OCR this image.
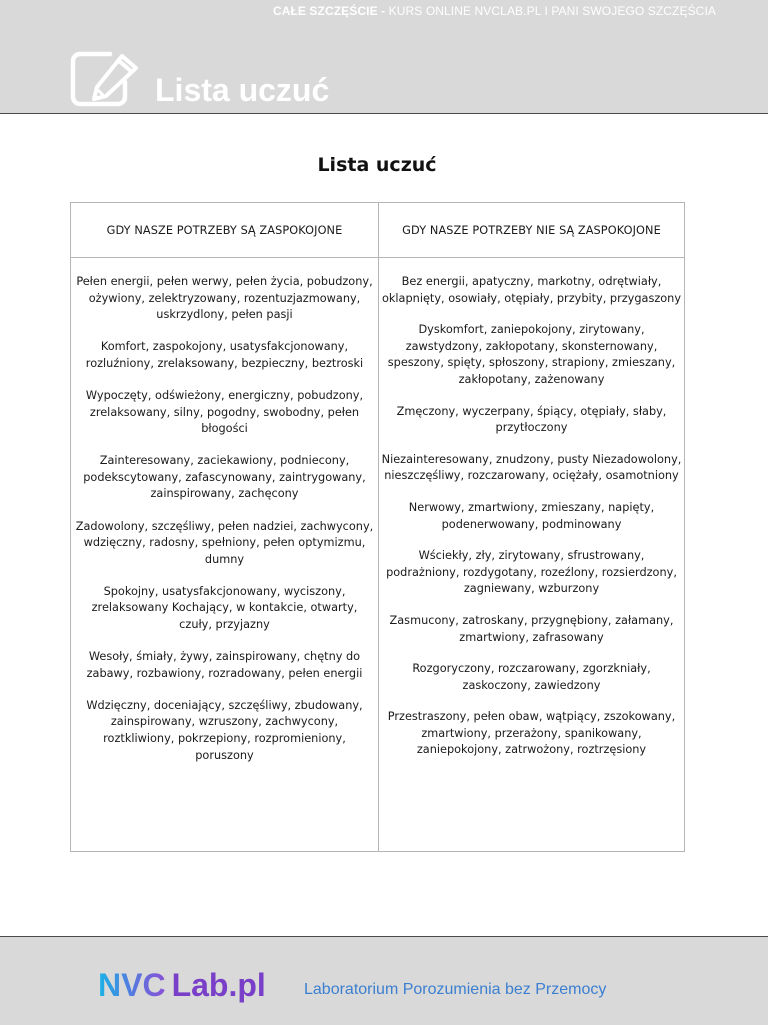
CAŁE SZCZĘŚCIE - KURS ONLINE NVCLAB.PL I PANI SWOJEGO SZCZĘŚCIA
Lista uczuć
Lista uczuć
GDY NASZE POTRZEBY SĄ ZASPOKOJONE	GDY NASZE POTRZEBY NIE SĄ ZASPOKOJONE

Pełen energii, pełen werwy, pełen życia, pobudzony, ożywiony, zelektryzowany, rozentuzjazmowany, uskrzydlony, pełen pasji

Komfort, zaspokojony, usatysfakcjonowany, rozluźniony, zrelaksowany, bezpieczny, beztroski

Wypoczęty, odświeżony, energiczny, pobudzony, zrelaksowany, silny, pogodny, swobodny, pełen błogości

Zainteresowany, zaciekawiony, podniecony, podekscytowany, zafascynowany, zaintrygowany, zainspirowany, zachęcony

Zadowolony, szczęśliwy, pełen nadziei, zachwycony, wdzięczny, radosny, spełniony, pełen optymizmu, dumny

Spokojny, usatysfakcjonowany, wyciszony, zrelaksowany Kochający, w kontakcie, otwarty, czuły, przyjazny

Wesoły, śmiały, żywy, zainspirowany, chętny do zabawy, rozbawiony, rozradowany, pełen energii

Wdzięczny, doceniający, szczęśliwy, zbudowany, zainspirowany, wzruszony, zachwycony, roztkliwiony, pokrzepiony, rozpromieniony, poruszony

Bez energii, apatyczny, markotny, odrętwiały, oklapnięty, osowiały, otępiały, przybity, przygaszony

Dyskomfort, zaniepokojony, zirytowany, zawstydzony, zakłopotany, skonsternowany, speszony, spięty, spłoszony, strapiony, zmieszany, zakłopotany, zażenowany

Zmęczony, wyczerpany, śpiący, otępiały, słaby, przytłoczony

Niezainteresowany, znudzony, pusty Niezadowolony, nieszczęśliwy, rozczarowany, ociężały, osamotniony

Nerwowy, zmartwiony, zmieszany, napięty, podenerwowany, podminowany

Wściekły, zły, zirytowany, sfrustrowany, podrażniony, rozdygotany, rozeźlony, rozsierdzony, zagniewany, wzburzony

Zasmucony, zatroskany, przygnębiony, załamany, zmartwiony, zafrasowany

Rozgoryczony, rozczarowany, zgorzkniały, zaskoczony, zawiedzony

Przestraszony, pełen obaw, wątpiący, zszokowany, zmartwiony, przerażony, spanikowany, zaniepokojony, zatrwożony, roztrzęsiony

NVC Lab.pl Laboratorium Porozumienia bez Przemocy
